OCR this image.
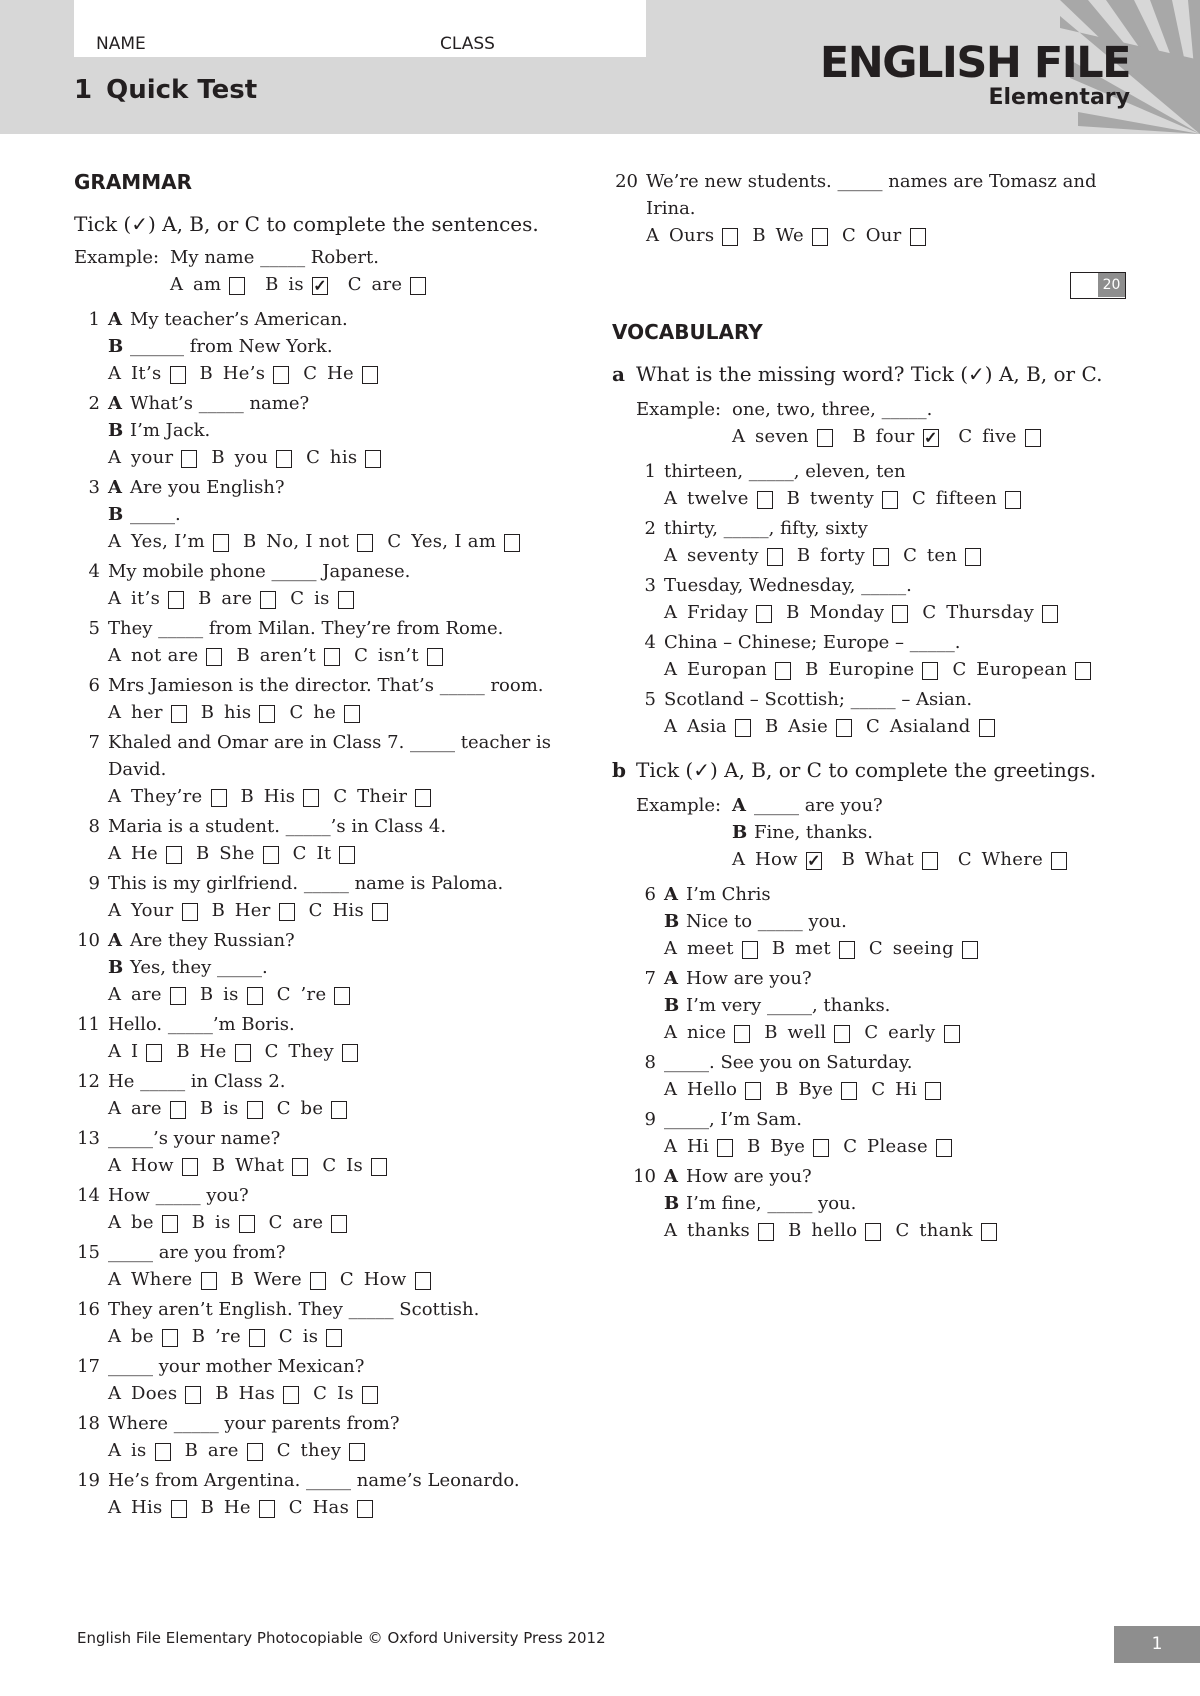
NAME	CLASS
1 Quick Test
ENGLISH FILE
Elementary
GRAMMAR
Tick (✓) A, B, or C to complete the sentences.
Example: My name _____ Robert.
A am
B is ✓
C are
1 A My teacher’s American.
B ______ from New York.
A It’s B He’s C He
2 A What’s _____ name?
B I’m Jack.
A your B you C his
3 A Are you English?
B _____.
A Yes, I’m B No, I not C Yes, I am
4 My mobile phone _____ Japanese.
A it’s B are C is
5 They _____ from Milan. They’re from Rome.
A not are B aren’t C isn’t
6 Mrs Jamieson is the director. That’s _____ room.
A her B his C he
7 Khaled and Omar are in Class 7. _____ teacher is David.
A They’re B His C Their
8 Maria is a student. _____’s in Class 4.
A He B She C It
9 This is my girlfriend. _____ name is Paloma.
A Your B Her C His
10 A Are they Russian?
B Yes, they _____.
A are B is C ’re
11 Hello. _____’m Boris.
A I B He C They
12 He _____ in Class 2.
A are B is C be
13 _____’s your name?
A How B What C Is
14 How _____ you?
A be B is C are
15 _____ are you from?
A Where B Were C How
16 They aren’t English. They _____ Scottish.
A be B ’re C is
17 _____ your mother Mexican?
A Does B Has C Is
18 Where _____ your parents from?
A is B are C they
19 He’s from Argentina. _____ name’s Leonardo.
A His B He C Has
20 We’re new students. _____ names are Tomasz and Irina.
A Ours B We C Our
20
VOCABULARY
a What is the missing word? Tick (✓) A, B, or C.
Example: one, two, three, _____.
A seven
B four ✓
C five
1 thirteen, _____, eleven, ten
A twelve B twenty C fifteen
2 thirty, _____, fifty, sixty
A seventy B forty C ten
3 Tuesday, Wednesday, _____.
A Friday B Monday C Thursday
4 China – Chinese; Europe – _____.
A Europan B Europine C European
5 Scotland – Scottish; _____ – Asian.
A Asia B Asie C Asialand
b Tick (✓) A, B, or C to complete the greetings.
Example: A _____ are you?
B Fine, thanks.
A How ✓
B What
C Where
6 A I’m Chris
B Nice to _____ you.
A meet B met C seeing
7 A How are you?
B I’m very _____, thanks.
A nice B well C early
8 _____. See you on Saturday.
A Hello B Bye C Hi
9 _____, I’m Sam.
A Hi B Bye C Please
10 A How are you?
B I’m fine, _____ you.
A thanks B hello C thank
English File Elementary Photocopiable © Oxford University Press 2012	1
